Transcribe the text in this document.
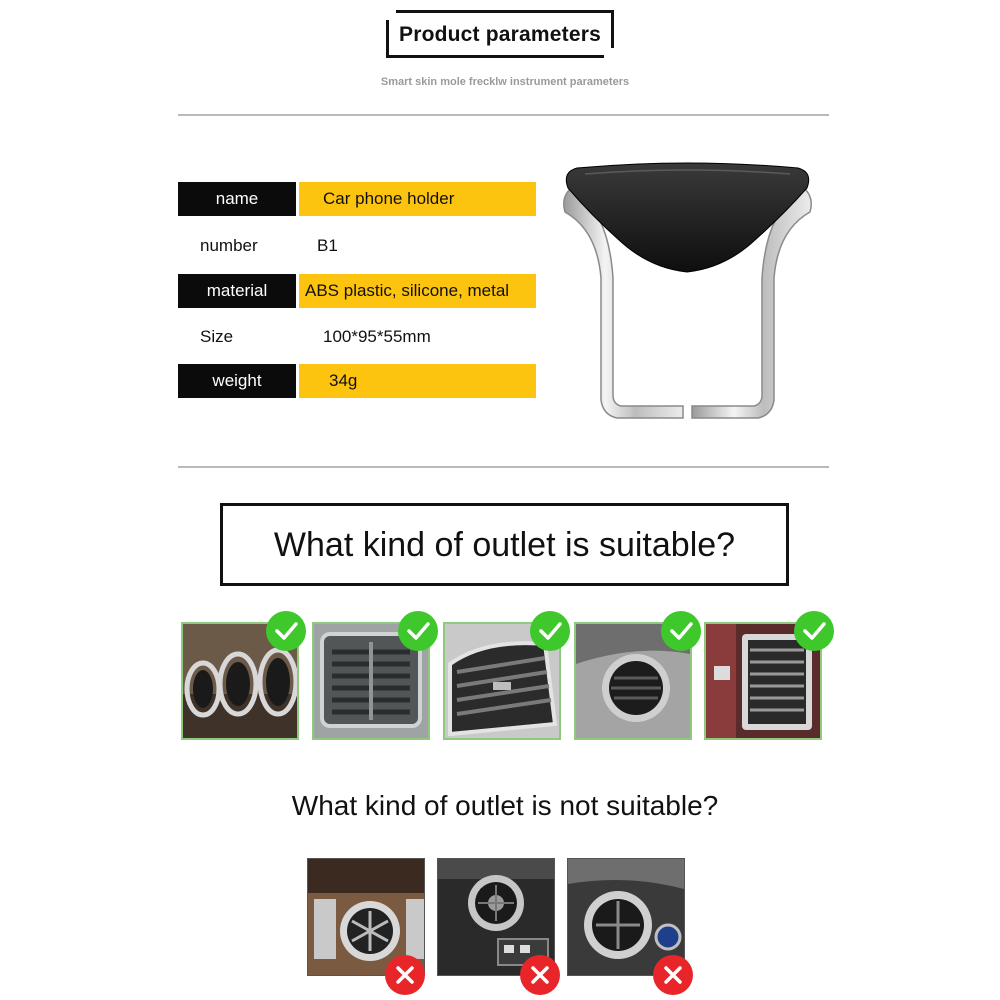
Product parameters
Smart skin mole frecklw instrument parameters
name	Car phone holder
number	B1
material	ABS plastic, silicone, metal
Size	100*95*55mm
weight	34g
What kind of outlet is suitable?
What kind of outlet is not suitable?
